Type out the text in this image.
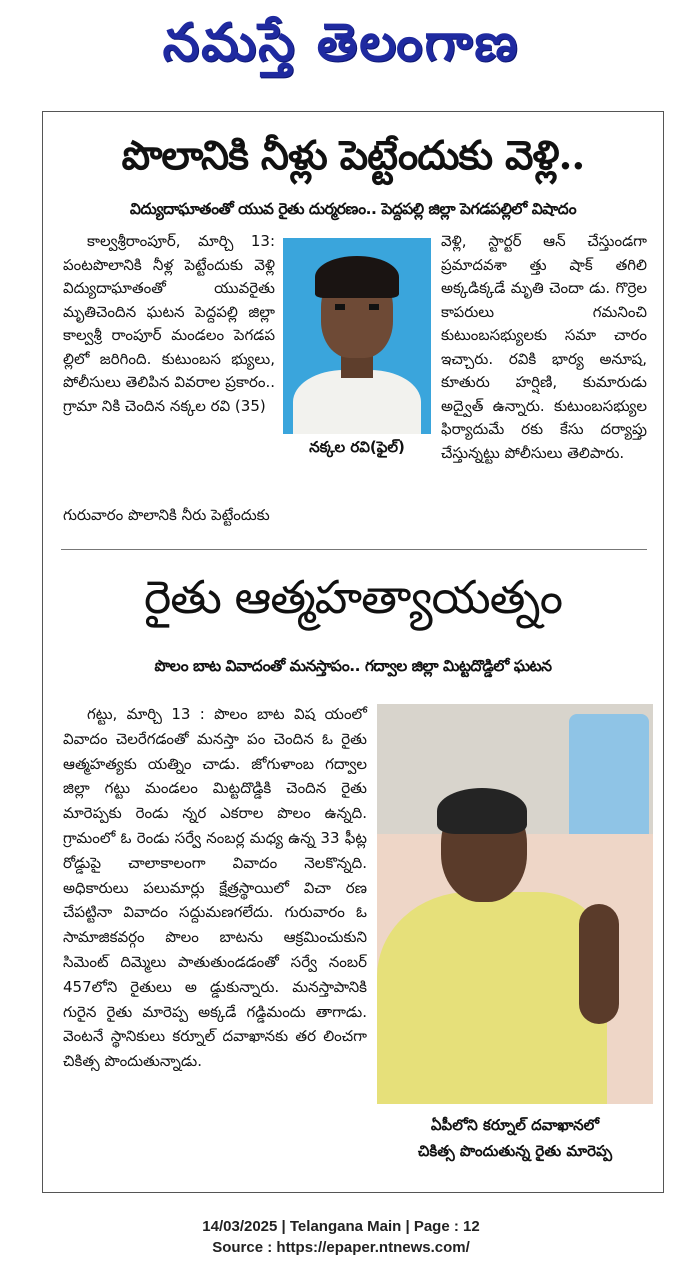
నమస్తే తెలంగాణ
పొలానికి నీళ్లు పెట్టేందుకు వెళ్లి..
విద్యుదాఘాతంతో యువ రైతు దుర్మరణం.. పెద్దపల్లి జిల్లా పెగడపల్లిలో విషాదం

కాల్వశ్రీరాంపూర్, మార్చి 13: పంటపొలానికి నీళ్ల పెట్టేందుకు వెళ్లి విద్యుదాఘాతంతో యువరైతు మృతిచెందిన ఘటన పెద్దపల్లి జిల్లా కాల్వశ్రీ రాంపూర్ మండలం పెగడప ల్లిలో జరిగింది. కుటుంబస భ్యులు, పోలీసులు తెలిపిన వివరాల ప్రకారం.. గ్రామా నికి చెందిన నక్కల రవి (35)

గురువారం పొలానికి నీరు పెట్టేందుకు

నక్కల రవి(ఫైల్)

వెళ్లి, స్టార్టర్ ఆన్ చేస్తుండగా ప్రమాదవశా త్తు షాక్ తగిలి అక్కడిక్కడే మృతి చెందా డు. గొర్రెల కాపరులు గమనించి కుటుంబసభ్యులకు సమా చారం ఇచ్చారు. రవికి భార్య అనూష, కూతురు హర్షిణి, కుమారుడు అద్వైత్ ఉన్నారు. కుటుంబసభ్యుల ఫిర్యాదుమే రకు కేసు దర్యాప్తు చేస్తున్నట్టు పోలీసులు తెలిపారు.

రైతు ఆత్మహత్యాయత్నం
పొలం బాట వివాదంతో మనస్తాపం.. గద్వాల జిల్లా మిట్టదొడ్డిలో ఘటన

గట్టు, మార్చి 13 : పొలం బాట విష యంలో వివాదం చెలరేగడంతో మనస్తా పం చెందిన ఓ రైతు ఆత్మహత్యకు యత్నిం చాడు. జోగుళాంబ గద్వాల జిల్లా గట్టు మండలం మిట్టదొడ్డికి చెందిన రైతు మారెప్పకు రెండు న్నర ఎకరాల పొలం ఉన్నది. గ్రామంలో ఓ రెండు సర్వే నంబర్ల మధ్య ఉన్న 33 ఫీట్ల రోడ్డుపై చాలాకాలంగా వివాదం నెలకొన్నది. అధికారులు పలుమార్లు క్షేత్రస్థాయిలో విచా రణ చేపట్టినా వివాదం సద్దుమణగలేదు. గురువారం ఓ సామాజికవర్గం పొలం బాటను ఆక్రమించుకుని సిమెంట్ దిమ్మెలు పాతుతుండడంతో సర్వే నంబర్ 457లోని రైతులు అ డ్డుకున్నారు. మనస్తాపానికి గురైన రైతు మారెప్ప అక్కడే గడ్డిమందు తాగాడు. వెంటనే స్థానికులు కర్నూల్ దవాఖానకు తర లించగా చికిత్స పొందుతున్నాడు.

ఏపీలోని కర్నూల్ దవాఖానలో
చికిత్స పొందుతున్న రైతు మారెప్ప
14/03/2025 | Telangana Main | Page : 12
Source : https://epaper.ntnews.com/
